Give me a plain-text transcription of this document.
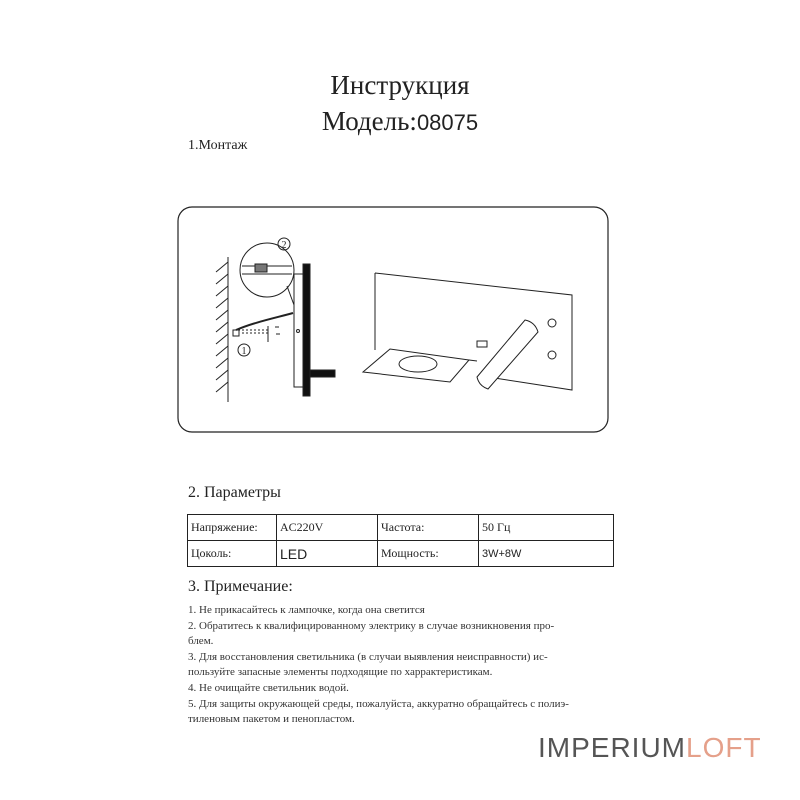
Инструкция
Модель:08075
1.Монтаж
2
1
2. Параметры
Напряжение:	AC220V	Частота:	50 Гц
Цоколь:	LED	Мощность:	3W+8W
3. Примечание:
1. Не прикасайтесь к лампочке, когда она светится
2. Обратитесь к квалифицированному электрику в случае возникновения про-
блем.
3. Для восстановления светильника (в случаи выявления неисправности) ис-
пользуйте запасные элементы подходящие по харрактеристикам.
4. Не очищайте светильник водой.
5. Для защиты окружающей среды, пожалуйста, аккуратно обращайтесь с полиэ-
тиленовым пакетом и пенопластом.
IMPERIUMLOFT
